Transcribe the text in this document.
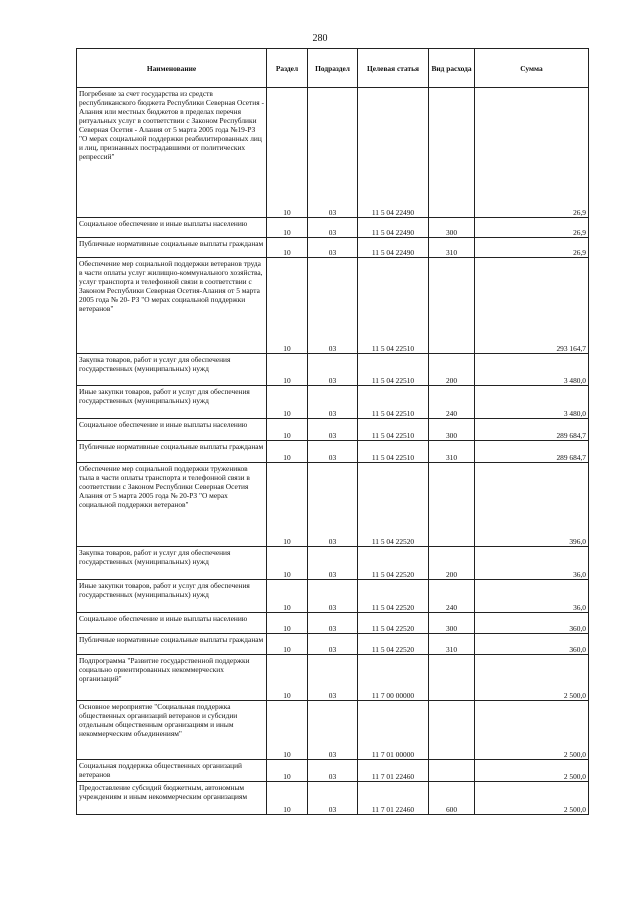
280
Наименование	Раздел	Подраздел	Целевая статья	Вид расхода	Сумма
Погребение за счет государства из средств республиканского бюджета Республики Северная Осетия - Алания или местных бюджетов в пределах перечня ритуальных услуг в соответствии с Законом Республики Северная Осетия - Алания от 5 марта 2005 года №19-РЗ "О мерах социальной поддержки реабилитированных лиц и лиц, признанных пострадавшими от политических репрессий"	10	03	11 5 04 22490		26,9
Социальное обеспечение и иные выплаты населению	10	03	11 5 04 22490	300	26,9
Публичные нормативные социальные выплаты гражданам	10	03	11 5 04 22490	310	26,9
Обеспечение мер социальной поддержки ветеранов труда в части оплаты услуг жилищно-коммунального хозяйства, услуг транспорта и телефонной связи в соответствии с Законом Республики Северная Осетия-Алания от 5 марта 2005 года № 20- РЗ "О мерах социальной поддержки ветеранов"	10	03	11 5 04 22510		293 164,7
Закупка товаров, работ и услуг для обеспечения государственных (муниципальных) нужд	10	03	11 5 04 22510	200	3 480,0
Иные закупки товаров, работ и услуг для обеспечения государственных (муниципальных) нужд	10	03	11 5 04 22510	240	3 480,0
Социальное обеспечение и иные выплаты населению	10	03	11 5 04 22510	300	289 684,7
Публичные нормативные социальные выплаты гражданам	10	03	11 5 04 22510	310	289 684,7
Обеспечение мер социальной поддержки тружеников тыла в части оплаты транспорта и телефонной связи в соответствии с Законом Республики Северная Осетия Алания от 5 марта 2005 года № 20-РЗ "О мерах социальной поддержки ветеранов"	10	03	11 5 04 22520		396,0
Закупка товаров, работ и услуг для обеспечения государственных (муниципальных) нужд	10	03	11 5 04 22520	200	36,0
Иные закупки товаров, работ и услуг для обеспечения государственных (муниципальных) нужд	10	03	11 5 04 22520	240	36,0
Социальное обеспечение и иные выплаты населению	10	03	11 5 04 22520	300	360,0
Публичные нормативные социальные выплаты гражданам	10	03	11 5 04 22520	310	360,0
Подпрограмма "Развитие государственной поддержки социально ориентированных некоммерческих организаций"	10	03	11 7 00 00000		2 500,0
Основное мероприятие "Социальная поддержка общественных организаций ветеранов и субсидии отдельным общественным организациям и иным некоммерческим объединениям"	10	03	11 7 01 00000		2 500,0
Социальная поддержка общественных организаций ветеранов	10	03	11 7 01 22460		2 500,0
Предоставление субсидий бюджетным, автономным учреждениям и иным некоммерческим организациям	10	03	11 7 01 22460	600	2 500,0
